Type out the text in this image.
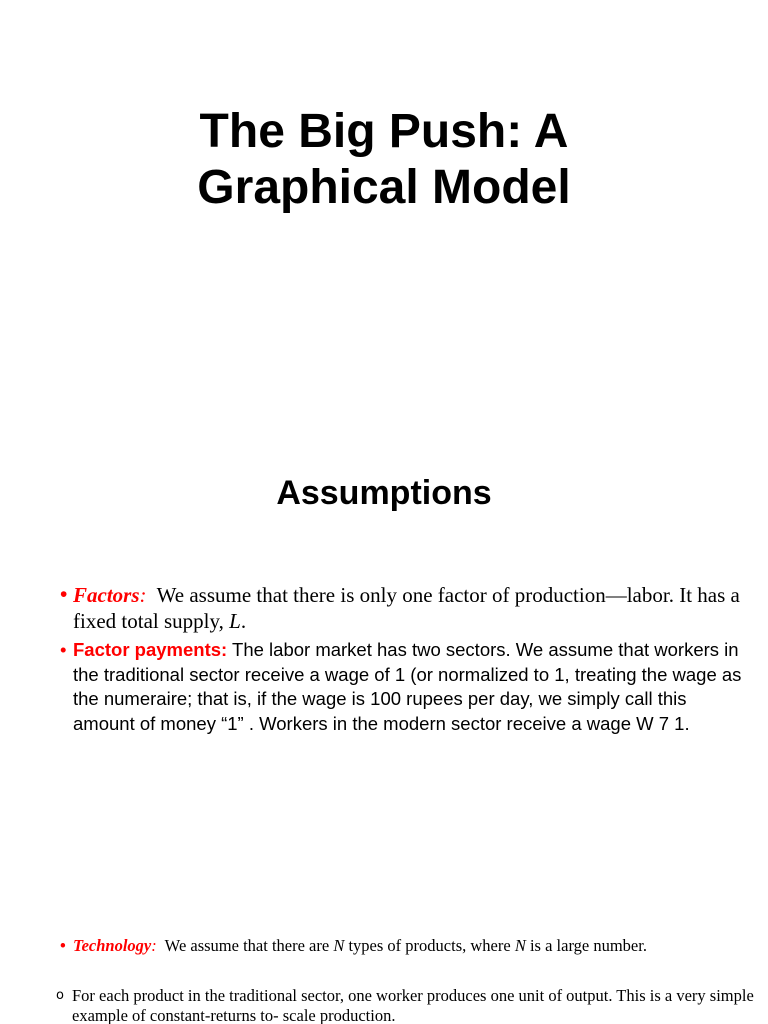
The Big Push: A
Graphical Model
Assumptions

• Factors:  We assume that there is only one factor of production—labor. It has a fixed total supply, L.

• Factor payments: The labor market has two sectors. We assume that workers in the traditional sector receive a wage of 1 (or normalized to 1, treating the wage as the numeraire; that is, if the wage is 100 rupees per day, we simply call this amount of money “1” . Workers in the modern sector receive a wage W 7 1.

• Technology:  We assume that there are N types of products, where N is a large number.

o For each product in the traditional sector, one worker produces one unit of output. This is a very simple example of constant-returns to- scale production.
